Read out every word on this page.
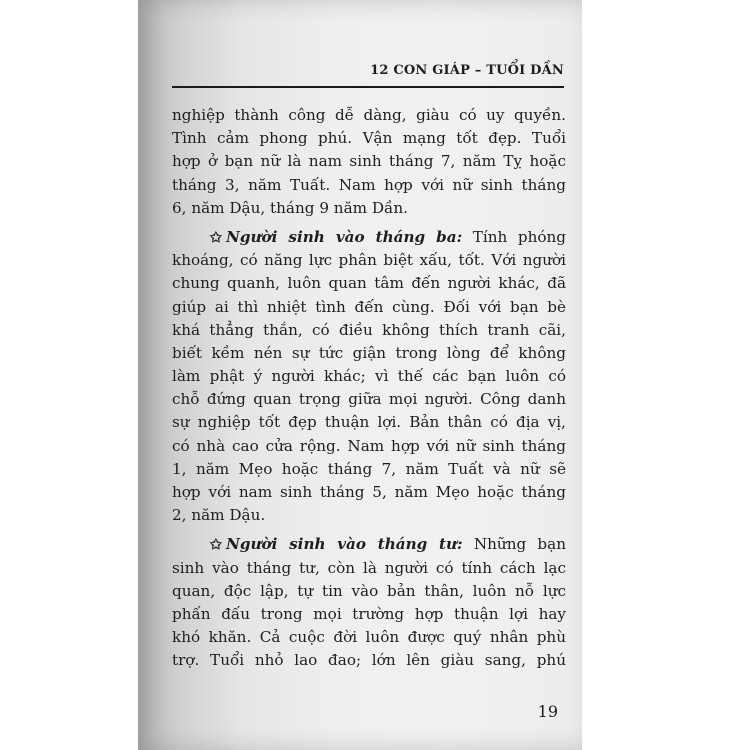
12 CON GIÁP – TUỔI DẦN
nghiệp thành công dễ dàng, giàu có uy quyền.
Tình cảm phong phú. Vận mạng tốt đẹp. Tuổi
hợp ở bạn nữ là nam sinh tháng 7, năm Tỵ hoặc
tháng 3, năm Tuất. Nam hợp với nữ sinh tháng
6, năm Dậu, tháng 9 năm Dần.
✩ Người sinh vào tháng ba: Tính phóng
khoáng, có năng lực phân biệt xấu, tốt. Với người
chung quanh, luôn quan tâm đến người khác, đã
giúp ai thì nhiệt tình đến cùng. Đối với bạn bè
khá thẳng thắn, có điều không thích tranh cãi,
biết kềm nén sự tức giận trong lòng để không
làm phật ý người khác; vì thế các bạn luôn có
chỗ đứng quan trọng giữa mọi người. Công danh
sự nghiệp tốt đẹp thuận lợi. Bản thân có địa vị,
có nhà cao cửa rộng. Nam hợp với nữ sinh tháng
1, năm Mẹo hoặc tháng 7, năm Tuất và nữ sẽ
hợp với nam sinh tháng 5, năm Mẹo hoặc tháng
2, năm Dậu.
✩ Người sinh vào tháng tư: Những bạn
sinh vào tháng tư, còn là người có tính cách lạc
quan, độc lập, tự tin vào bản thân, luôn nỗ lực
phấn đấu trong mọi trường hợp thuận lợi hay
khó khăn. Cả cuộc đời luôn được quý nhân phù
trợ. Tuổi nhỏ lao đao; lớn lên giàu sang, phú
19
